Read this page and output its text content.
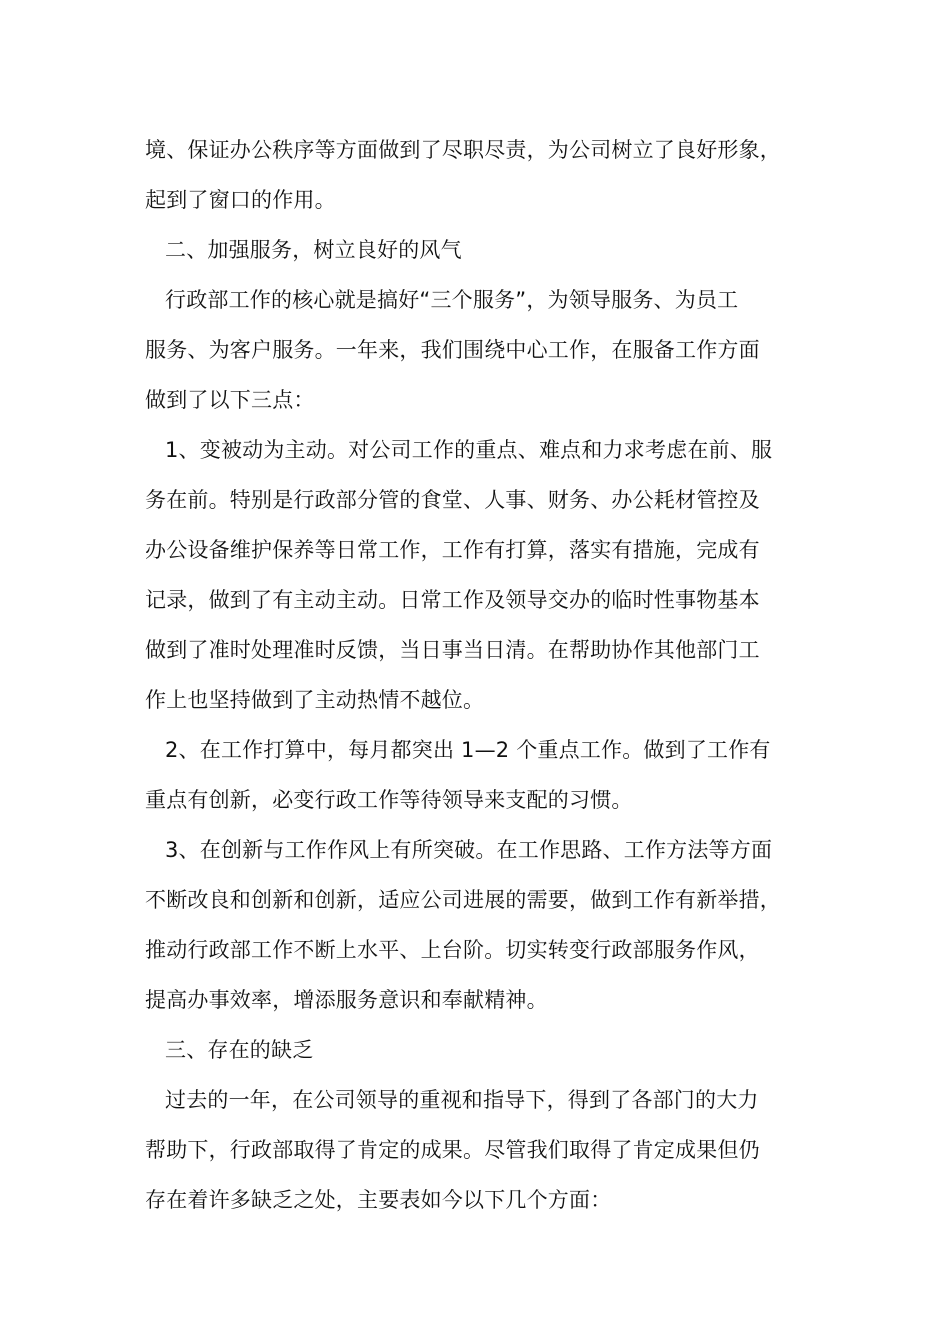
境、保证办公秩序等方面做到了尽职尽责，为公司树立了良好形象，
起到了窗口的作用。
二、加强服务，树立良好的风气
行政部工作的核心就是搞好“三个服务”，为领导服务、为员工
服务、为客户服务。一年来，我们围绕中心工作，在服备工作方面
做到了以下三点：
1、变被动为主动。对公司工作的重点、难点和力求考虑在前、服
务在前。特别是行政部分管的食堂、人事、财务、办公耗材管控及
办公设备维护保养等日常工作，工作有打算，落实有措施，完成有
记录，做到了有主动主动。日常工作及领导交办的临时性事物基本
做到了准时处理准时反馈，当日事当日清。在帮助协作其他部门工
作上也坚持做到了主动热情不越位。
2、在工作打算中，每月都突出 1—2 个重点工作。做到了工作有
重点有创新，必变行政工作等待领导来支配的习惯。
3、在创新与工作作风上有所突破。在工作思路、工作方法等方面
不断改良和创新和创新，适应公司进展的需要，做到工作有新举措，
推动行政部工作不断上水平、上台阶。切实转变行政部服务作风，
提高办事效率，增添服务意识和奉献精神。
三、存在的缺乏
过去的一年，在公司领导的重视和指导下，得到了各部门的大力
帮助下，行政部取得了肯定的成果。尽管我们取得了肯定成果但仍
存在着许多缺乏之处，主要表如今以下几个方面：
